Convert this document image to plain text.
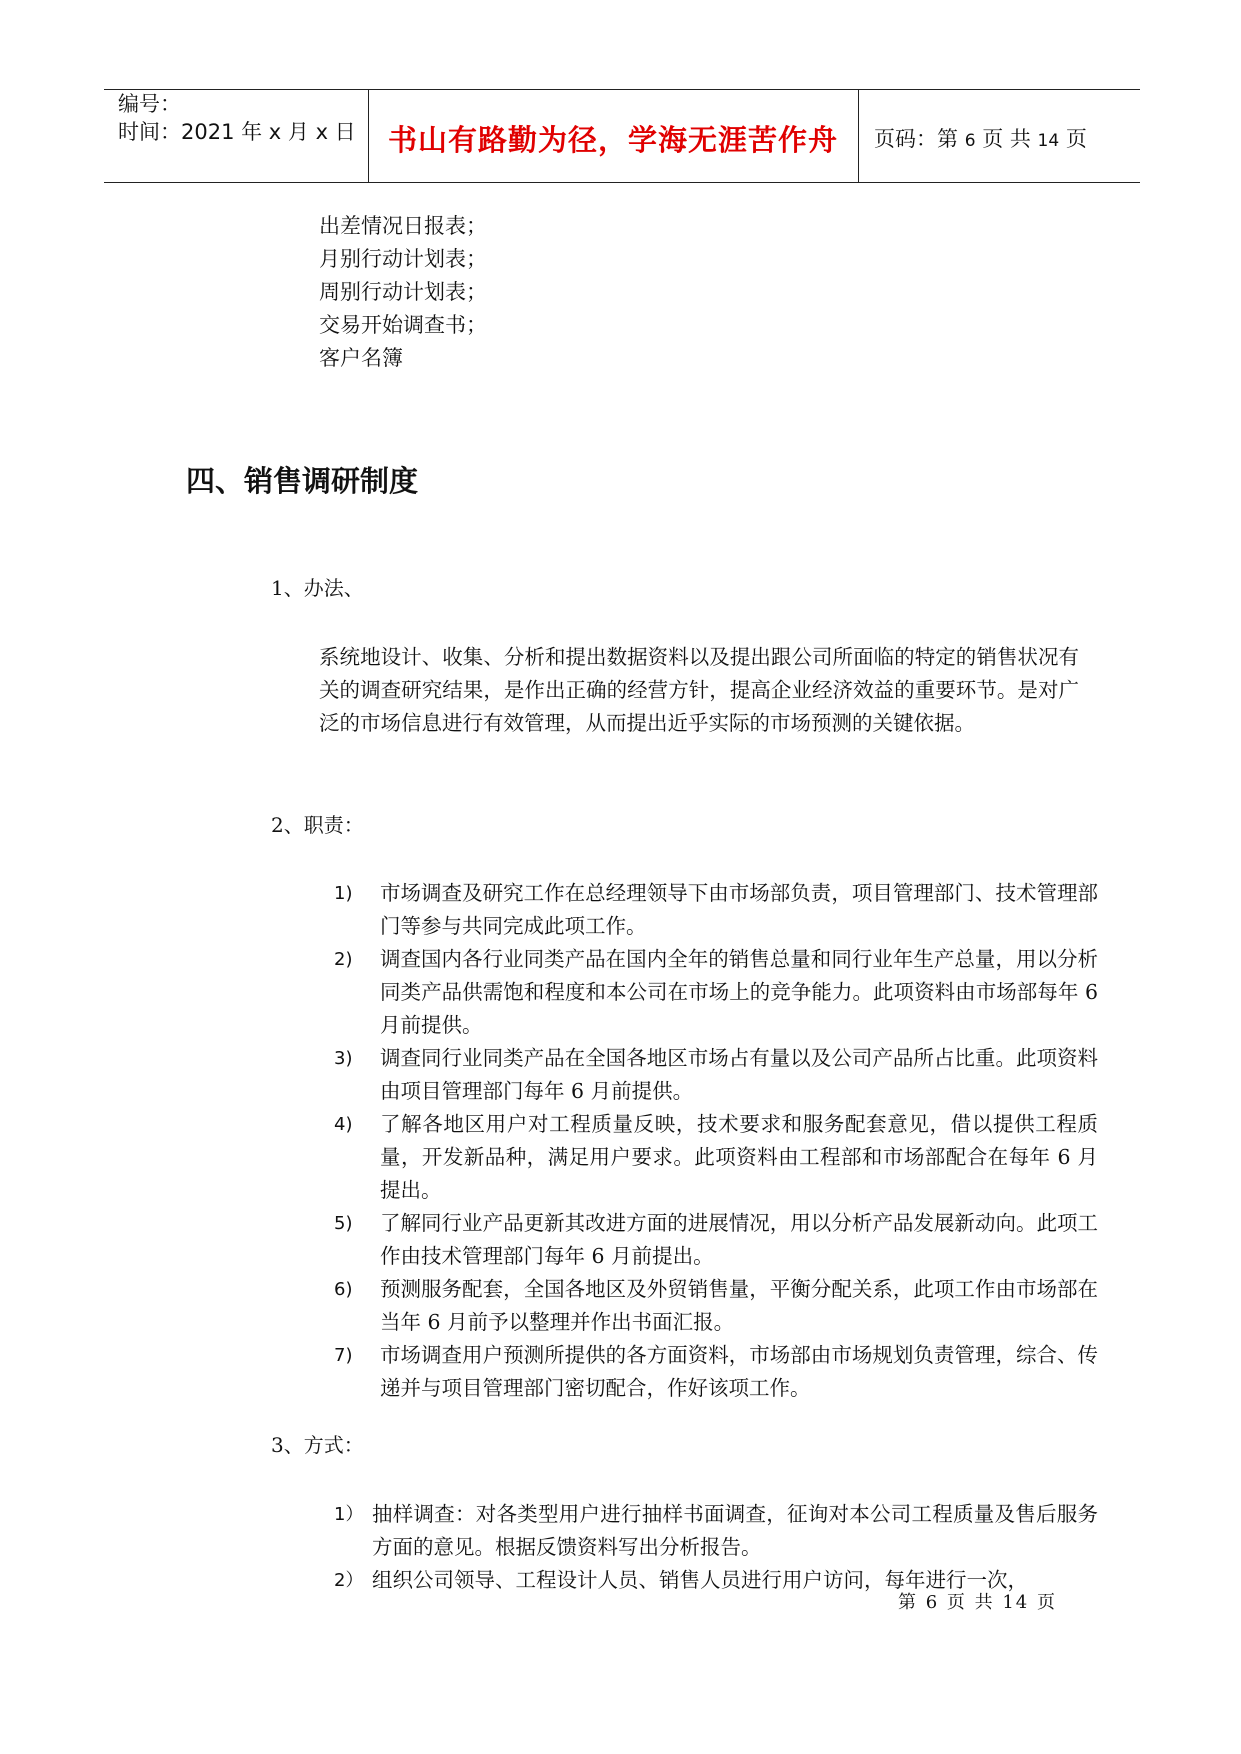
编号：
时间：2021 年 x 月 x 日	书山有路勤为径，学海无涯苦作舟	页码：第 6 页 共 14 页
出差情况日报表；
月别行动计划表；
周别行动计划表；
交易开始调查书；
客户名簿
四、销售调研制度
1、办法、
系统地设计、收集、分析和提出数据资料以及提出跟公司所面临的特定的销售状况有关的调查研究结果，是作出正确的经营方针，提高企业经济效益的重要环节。是对广泛的市场信息进行有效管理，从而提出近乎实际的市场预测的关键依据。
2、职责：
1) 市场调查及研究工作在总经理领导下由市场部负责，项目管理部门、技术管理部门等参与共同完成此项工作。
2) 调查国内各行业同类产品在国内全年的销售总量和同行业年生产总量，用以分析同类产品供需饱和程度和本公司在市场上的竞争能力。此项资料由市场部每年 6 月前提供。
3) 调查同行业同类产品在全国各地区市场占有量以及公司产品所占比重。此项资料由项目管理部门每年 6 月前提供。
4) 了解各地区用户对工程质量反映，技术要求和服务配套意见，借以提供工程质量，开发新品种，满足用户要求。此项资料由工程部和市场部配合在每年 6 月提出。
5) 了解同行业产品更新其改进方面的进展情况，用以分析产品发展新动向。此项工作由技术管理部门每年 6 月前提出。
6) 预测服务配套，全国各地区及外贸销售量，平衡分配关系，此项工作由市场部在当年 6 月前予以整理并作出书面汇报。
7) 市场调查用户预测所提供的各方面资料，市场部由市场规划负责管理，综合、传递并与项目管理部门密切配合，作好该项工作。
3、方式：
1） 抽样调查：对各类型用户进行抽样书面调查，征询对本公司工程质量及售后服务方面的意见。根据反馈资料写出分析报告。
2） 组织公司领导、工程设计人员、销售人员进行用户访问，每年进行一次，
第 6 页 共 14 页
